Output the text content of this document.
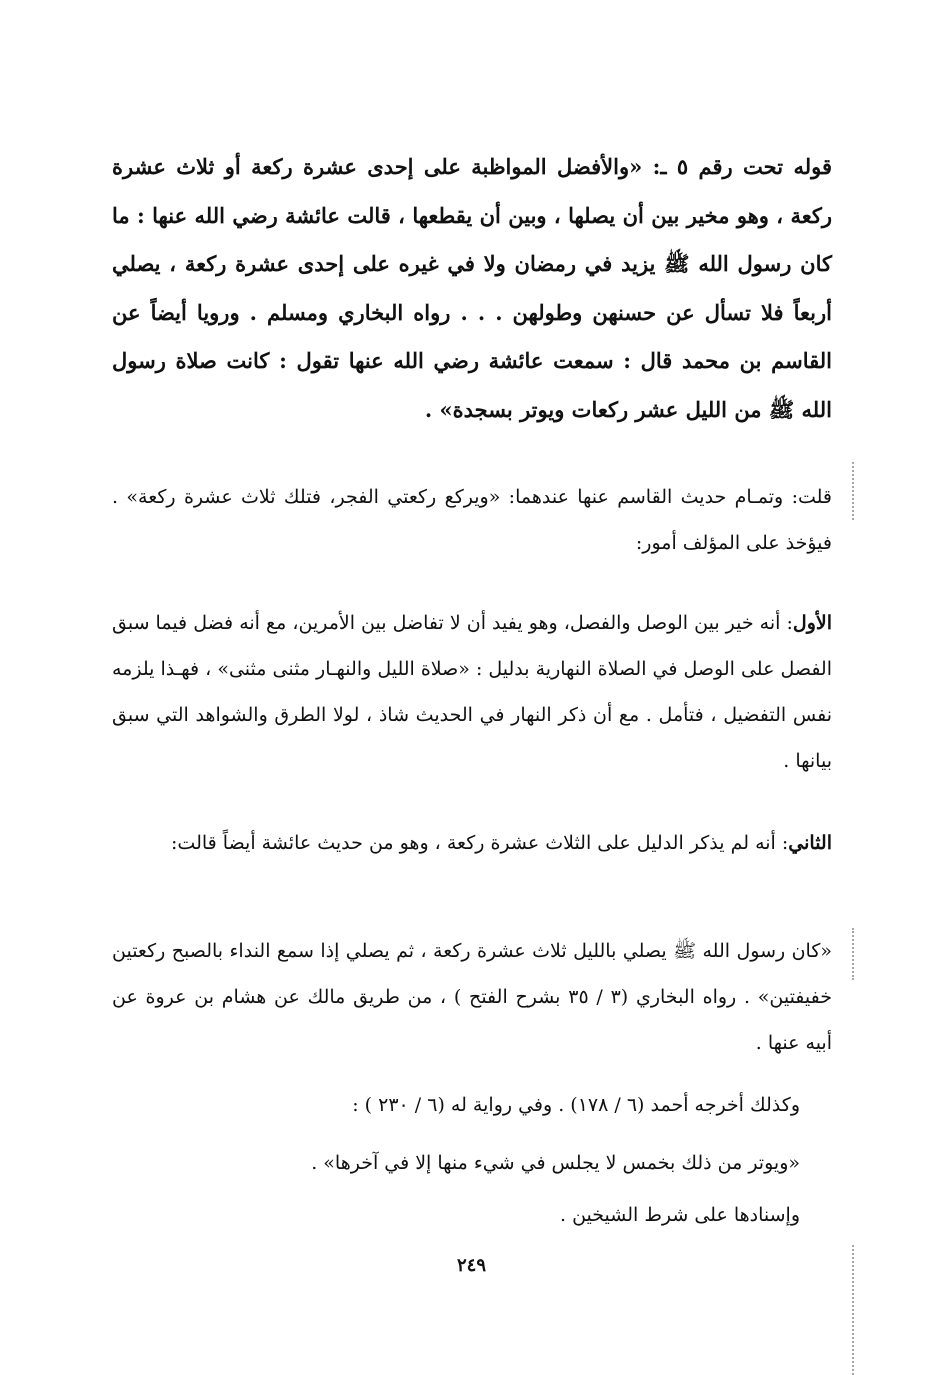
قوله تحت رقم ٥ ـ: «والأفضل المواظبة على إحدى عشرة ركعة أو ثلاث عشرة ركعة ، وهو مخير بين أن يصلها ، وبين أن يقطعها ، قالت عائشة رضي الله عنها : ما كان رسول الله ﷺ يزيد في رمضان ولا في غيره على إحدى عشرة ركعة ، يصلي أربعاً فلا تسأل عن حسنهن وطولهن . . . رواه البخاري ومسلم . ورويا أيضاً عن القاسم بن محمد قال : سمعت عائشة رضي الله عنها تقول : كانت صلاة رسول الله ﷺ من الليل عشر ركعات ويوتر بسجدة» .

قلت: وتمـام حديث القاسم عنها عندهما: «ويركع ركعتي الفجر، فتلك ثلاث عشرة ركعة» . فيؤخذ على المؤلف أمور:

الأول: أنه خير بين الوصل والفصل، وهو يفيد أن لا تفاضل بين الأمرين، مع أنه فضل فيما سبق الفصل على الوصل في الصلاة النهارية بدليل : «صلاة الليل والنهـار مثنى مثنى» ، فهـذا يلزمه نفس التفضيل ، فتأمل . مع أن ذكر النهار في الحديث شاذ ، لولا الطرق والشواهد التي سبق بيانها .

الثاني: أنه لم يذكر الدليل على الثلاث عشرة ركعة ، وهو من حديث عائشة أيضاً قالت:

«كان رسول الله ﷺ يصلي بالليل ثلاث عشرة ركعة ، ثم يصلي إذا سمع النداء بالصبح ركعتين خفيفتين» . رواه البخاري (٣ / ٣٥ بشرح الفتح ) ، من طريق مالك عن هشام بن عروة عن أبيه عنها .

وكذلك أخرجه أحمد (٦ / ١٧٨) . وفي رواية له (٦ / ٢٣٠ ) :

«ويوتر من ذلك بخمس لا يجلس في شيء منها إلا في آخرها» .

وإسنادها على شرط الشيخين .

٢٤٩
